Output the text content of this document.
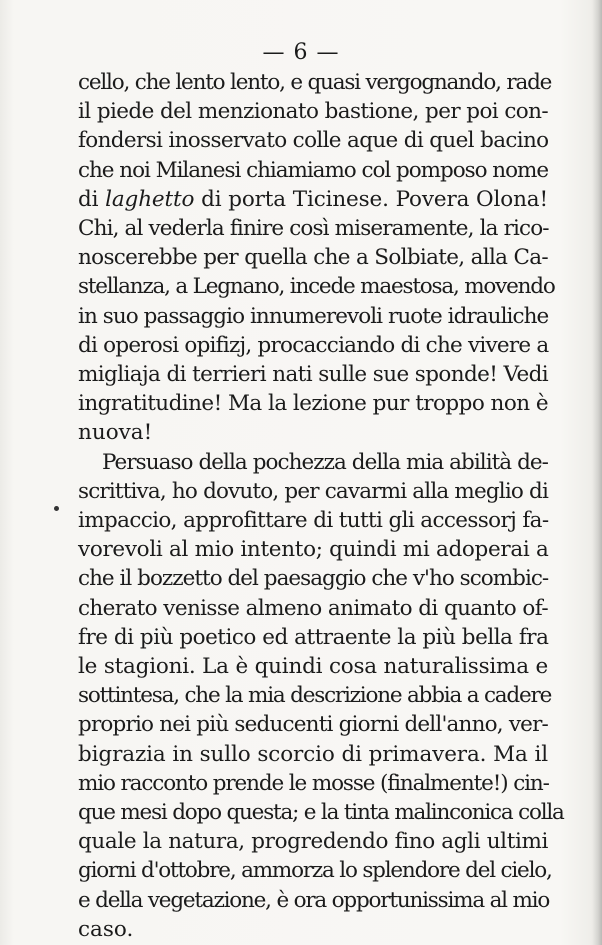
— 6 —
cello, che lento lento, e quasi vergognando, rade
il piede del menzionato bastione, per poi con-
fondersi inosservato colle aque di quel bacino
che noi Milanesi chiamiamo col pomposo nome
di laghetto di porta Ticinese. Povera Olona!
Chi, al vederla finire così miseramente, la rico-
noscerebbe per quella che a Solbiate, alla Ca-
stellanza, a Legnano, incede maestosa, movendo
in suo passaggio innumerevoli ruote idrauliche
di operosi opifizj, procacciando di che vivere a
migliaja di terrieri nati sulle sue sponde! Vedi
ingratitudine! Ma la lezione pur troppo non è
nuova!
Persuaso della pochezza della mia abilità de-
scrittiva, ho dovuto, per cavarmi alla meglio di
impaccio, approfittare di tutti gli accessorj fa-
vorevoli al mio intento; quindi mi adoperai a
che il bozzetto del paesaggio che v'ho scombic-
cherato venisse almeno animato di quanto of-
fre di più poetico ed attraente la più bella fra
le stagioni. La è quindi cosa naturalissima e
sottintesa, che la mia descrizione abbia a cadere
proprio nei più seducenti giorni dell'anno, ver-
bigrazia in sullo scorcio di primavera. Ma il
mio racconto prende le mosse (finalmente!) cin-
que mesi dopo questa; e la tinta malinconica colla
quale la natura, progredendo fino agli ultimi
giorni d'ottobre, ammorza lo splendore del cielo,
e della vegetazione, è ora opportunissima al mio
caso.
